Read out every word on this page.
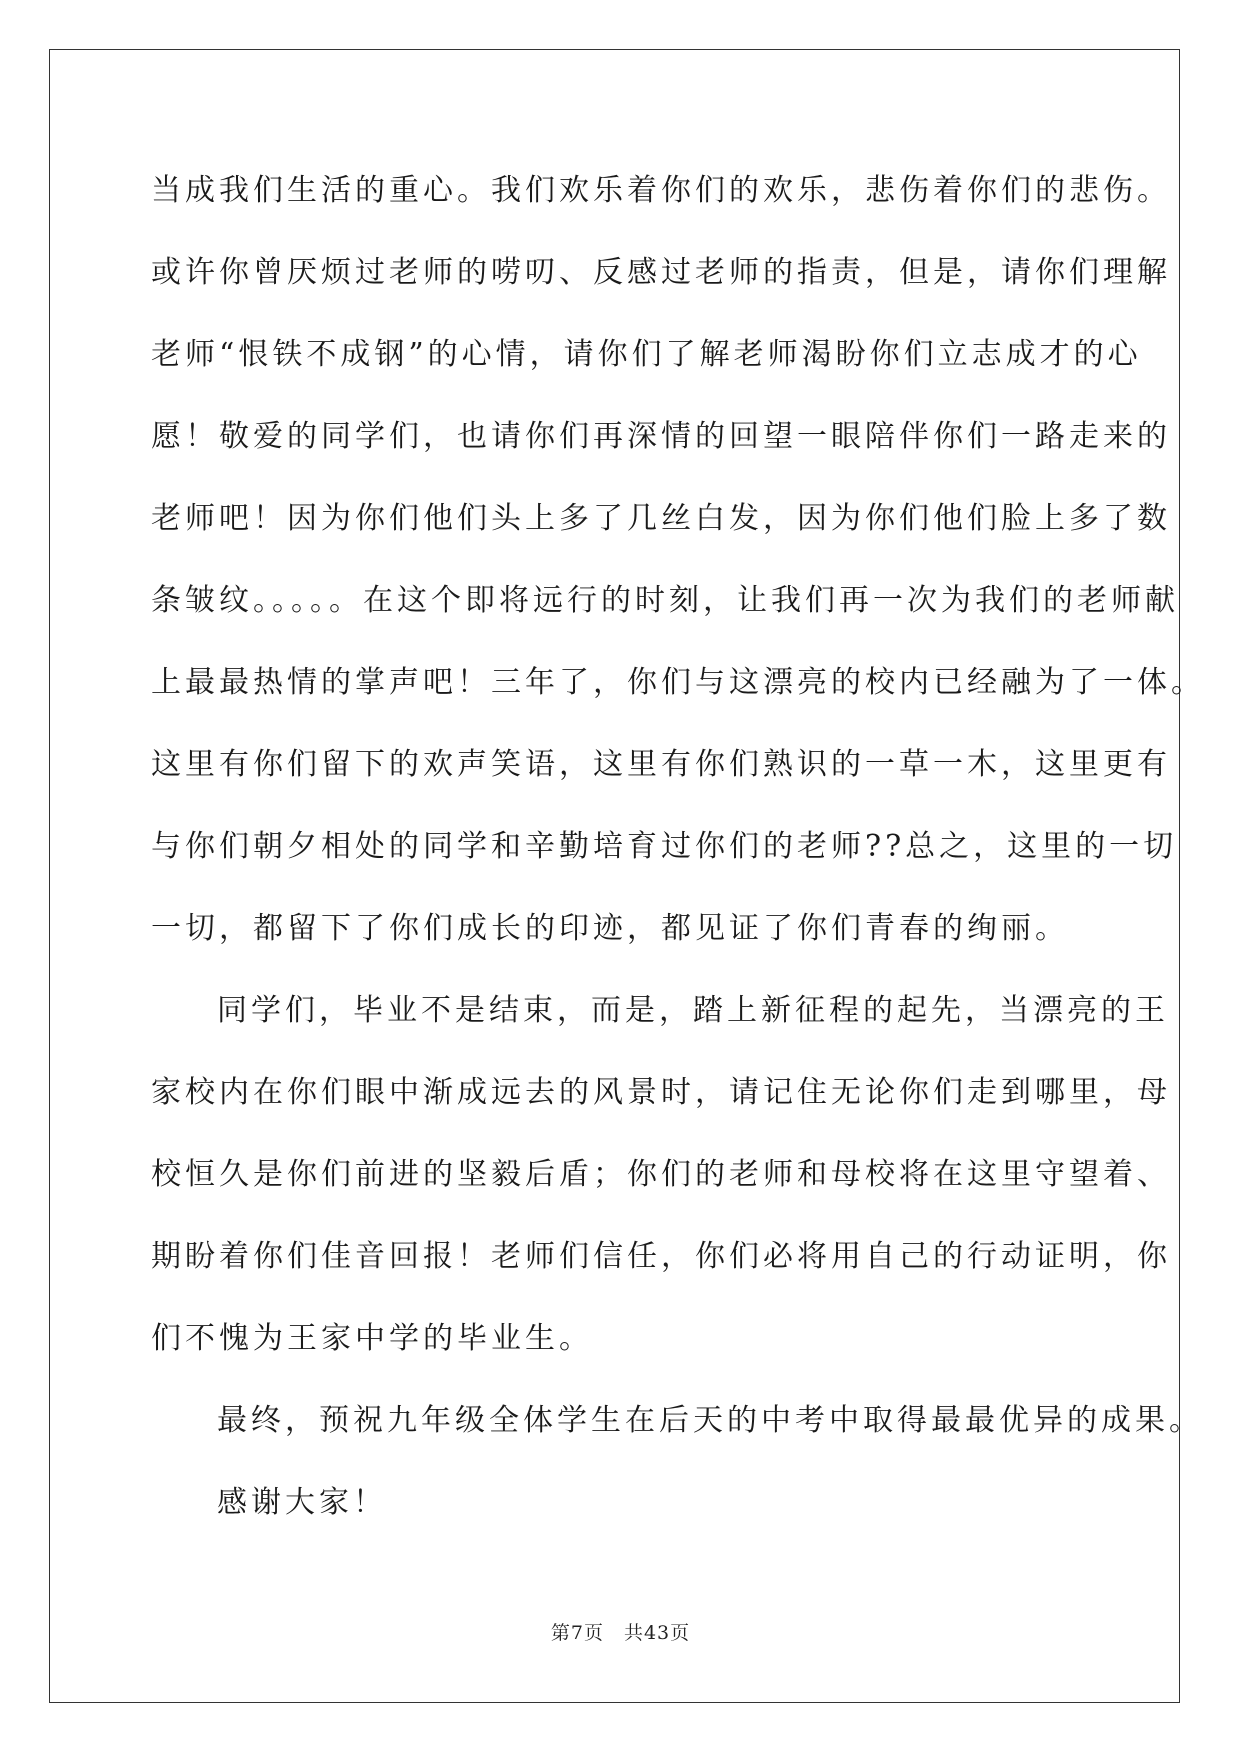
当成我们生活的重心。我们欢乐着你们的欢乐，悲伤着你们的悲伤。
或许你曾厌烦过老师的唠叨、反感过老师的指责，但是，请你们理解
老师“恨铁不成钢”的心情，请你们了解老师渴盼你们立志成才的心
愿！敬爱的同学们，也请你们再深情的回望一眼陪伴你们一路走来的
老师吧！因为你们他们头上多了几丝白发，因为你们他们脸上多了数
条皱纹。。。。。在这个即将远行的时刻，让我们再一次为我们的老师献
上最最热情的掌声吧！三年了，你们与这漂亮的校内已经融为了一体。
这里有你们留下的欢声笑语，这里有你们熟识的一草一木，这里更有
与你们朝夕相处的同学和辛勤培育过你们的老师??总之，这里的一切
一切，都留下了你们成长的印迹，都见证了你们青春的绚丽。
同学们，毕业不是结束，而是，踏上新征程的起先，当漂亮的王
家校内在你们眼中渐成远去的风景时，请记住无论你们走到哪里，母
校恒久是你们前进的坚毅后盾；你们的老师和母校将在这里守望着、
期盼着你们佳音回报！老师们信任，你们必将用自己的行动证明，你
们不愧为王家中学的毕业生。
最终，预祝九年级全体学生在后天的中考中取得最最优异的成果。
感谢大家！
第7页　共43页
